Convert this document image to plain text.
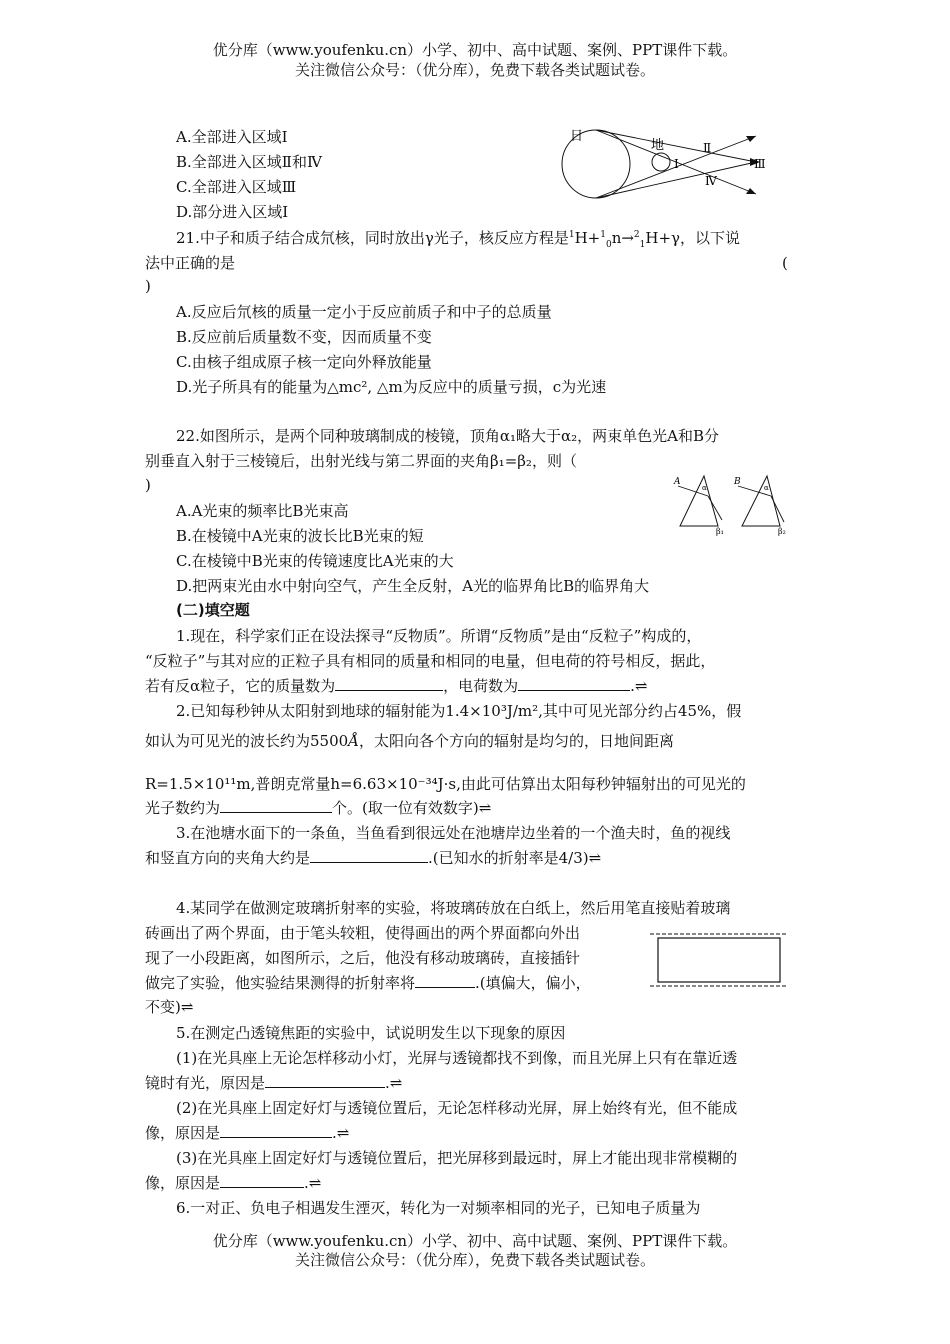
优分库（www.youfenku.cn）小学、初中、高中试题、案例、PPT课件下载。
关注微信公众号：（优分库），免费下载各类试题试卷。
A.全部进入区域Ⅰ
B.全部进入区域Ⅱ和Ⅳ
C.全部进入区域Ⅲ
D.部分进入区域Ⅰ
日
地
Ⅰ
Ⅱ
Ⅲ
Ⅳ
21.中子和质子结合成氘核，同时放出γ光子，核反应方程是$^1$H+$^1_0$n→$^2_1$H+γ，以下说
法中正确的是	(
)
A.反应后氘核的质量一定小于反应前质子和中子的总质量
B.反应前后质量数不变，因而质量不变
C.由核子组成原子核一定向外释放能量
D.光子所具有的能量为△mc², △m为反应中的质量亏损，c为光速
22.如图所示，是两个同种玻璃制成的棱镜，顶角α₁略大于α₂，两束单色光A和B分
别垂直入射于三棱镜后，出射光线与第二界面的夹角β₁=β₂，则（
)
A.A光束的频率比B光束高
B.在棱镜中A光束的波长比B光束的短
C.在棱镜中B光束的传镜速度比A光束的大
D.把两束光由水中射向空气，产生全反射，A光的临界角比B的临界角大
A	B
α	α
β₁	β₂
(二)填空题
1.现在，科学家们正在设法探寻“反物质”。所谓“反物质”是由“反粒子”构成的，
“反粒子”与其对应的正粒子具有相同的质量和相同的电量，但电荷的符号相反，据此，
若有反α粒子，它的质量数为	，电荷数为	.⇌
2.已知每秒钟从太阳射到地球的辐射能为1.4×10³J/m²,其中可见光部分约占45%，假
如认为可见光的波长约为5500Å，太阳向各个方向的辐射是均匀的，日地间距离
R=1.5×10¹¹m,普朗克常量h=6.63×10⁻³⁴J·s,由此可估算出太阳每秒钟辐射出的可见光的
光子数约为	个。(取一位有效数字)⇌
3.在池塘水面下的一条鱼，当鱼看到很远处在池塘岸边坐着的一个渔夫时，鱼的视线
和竖直方向的夹角大约是	.(已知水的折射率是4/3)⇌
4.某同学在做测定玻璃折射率的实验，将玻璃砖放在白纸上，然后用笔直接贴着玻璃
砖画出了两个界面，由于笔头较粗，使得画出的两个界面都向外出
现了一小段距离，如图所示，之后，他没有移动玻璃砖，直接插针
做完了实验，他实验结果测得的折射率将	.(填偏大，偏小，
不变)⇌
5.在测定凸透镜焦距的实验中，试说明发生以下现象的原因
(1)在光具座上无论怎样移动小灯，光屏与透镜都找不到像，而且光屏上只有在靠近透
镜时有光，原因是	.⇌
(2)在光具座上固定好灯与透镜位置后，无论怎样移动光屏，屏上始终有光，但不能成
像，原因是	.⇌
(3)在光具座上固定好灯与透镜位置后，把光屏移到最远时，屏上才能出现非常模糊的
像，原因是	.⇌
6.一对正、负电子相遇发生湮灭，转化为一对频率相同的光子，已知电子质量为
优分库（www.youfenku.cn）小学、初中、高中试题、案例、PPT课件下载。
关注微信公众号：（优分库），免费下载各类试题试卷。
